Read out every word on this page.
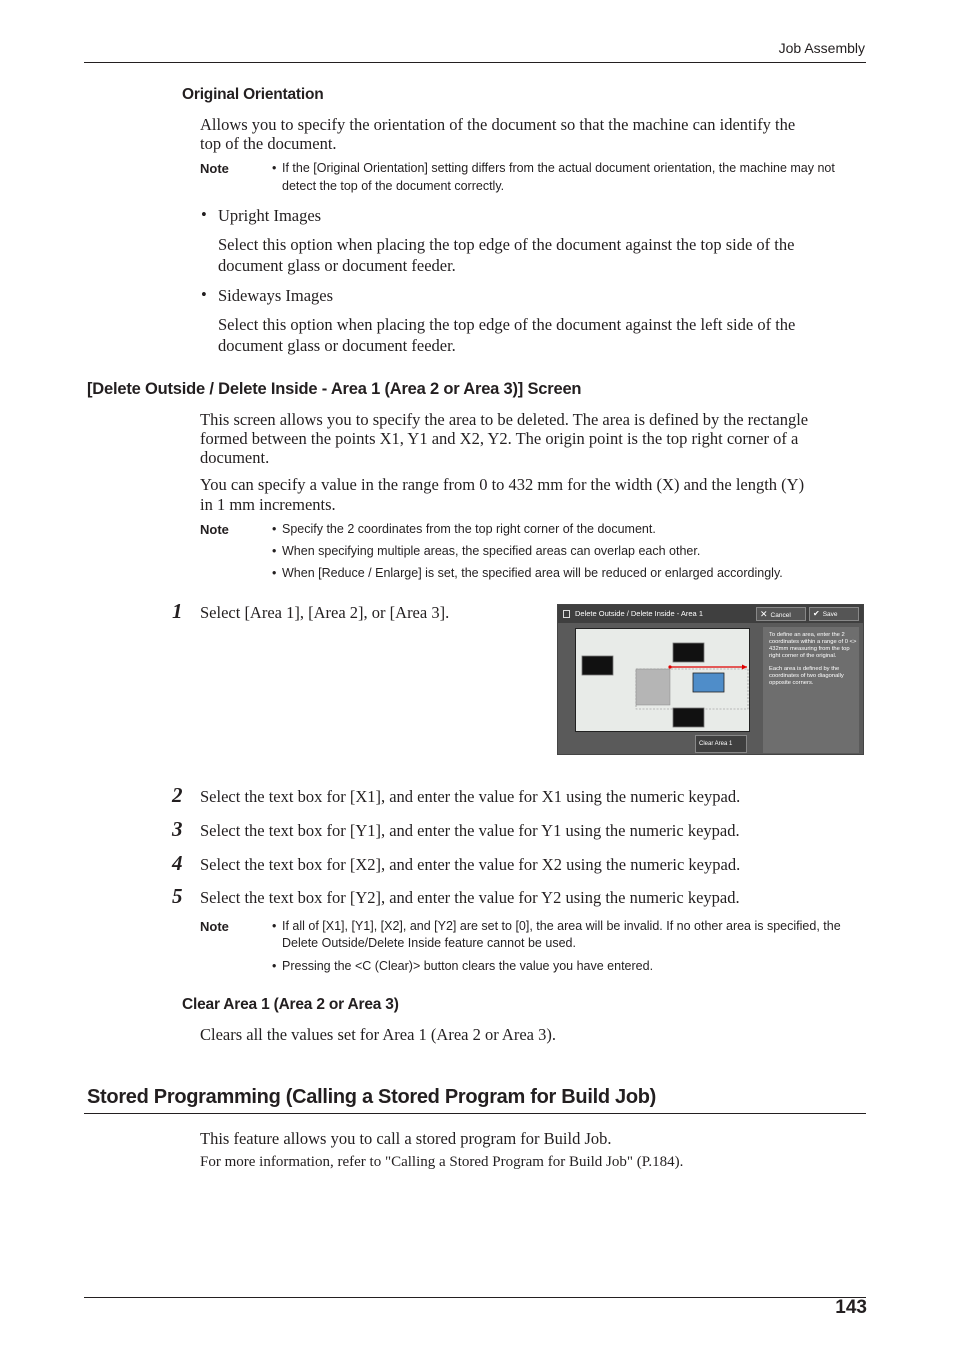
Job Assembly
Original Orientation
Allows you to specify the orientation of the document so that the machine can identify the
top of the document.
Note	• If the [Original Orientation] setting differs from the actual document orientation, the machine may not
detect the top of the document correctly.
• Upright Images
Select this option when placing the top edge of the document against the top side of the
document glass or document feeder.
• Sideways Images
Select this option when placing the top edge of the document against the left side of the
document glass or document feeder.
[Delete Outside / Delete Inside - Area 1 (Area 2 or Area 3)] Screen
This screen allows you to specify the area to be deleted. The area is defined by the rectangle
formed between the points X1, Y1 and X2, Y2. The origin point is the top right corner of a
document.
You can specify a value in the range from 0 to 432 mm for the width (X) and the length (Y)
in 1 mm increments.
Note	• Specify the 2 coordinates from the top right corner of the document.
• When specifying multiple areas, the specified areas can overlap each other.
• When [Reduce / Enlarge] is set, the specified area will be reduced or enlarged accordingly.
1 Select [Area 1], [Area 2], or [Area 3].	Delete Outside / Delete Inside - Area 1	✕ Cancel	✔ Save
To define an area, enter the 2 coordinates within a range of 0 <> 432mm measuring from the top right corner of the original.
Each area is defined by the coordinates of two diagonally opposite corners.
Clear Area 1
2 Select the text box for [X1], and enter the value for X1 using the numeric keypad.
3 Select the text box for [Y1], and enter the value for Y1 using the numeric keypad.
4 Select the text box for [X2], and enter the value for X2 using the numeric keypad.
5 Select the text box for [Y2], and enter the value for Y2 using the numeric keypad.
Note	• If all of [X1], [Y1], [X2], and [Y2] are set to [0], the area will be invalid. If no other area is specified, the
Delete Outside/Delete Inside feature cannot be used.
• Pressing the <C (Clear)> button clears the value you have entered.
Clear Area 1 (Area 2 or Area 3)
Clears all the values set for Area 1 (Area 2 or Area 3).
Stored Programming (Calling a Stored Program for Build Job)
This feature allows you to call a stored program for Build Job.
For more information, refer to "Calling a Stored Program for Build Job" (P.184).
143
